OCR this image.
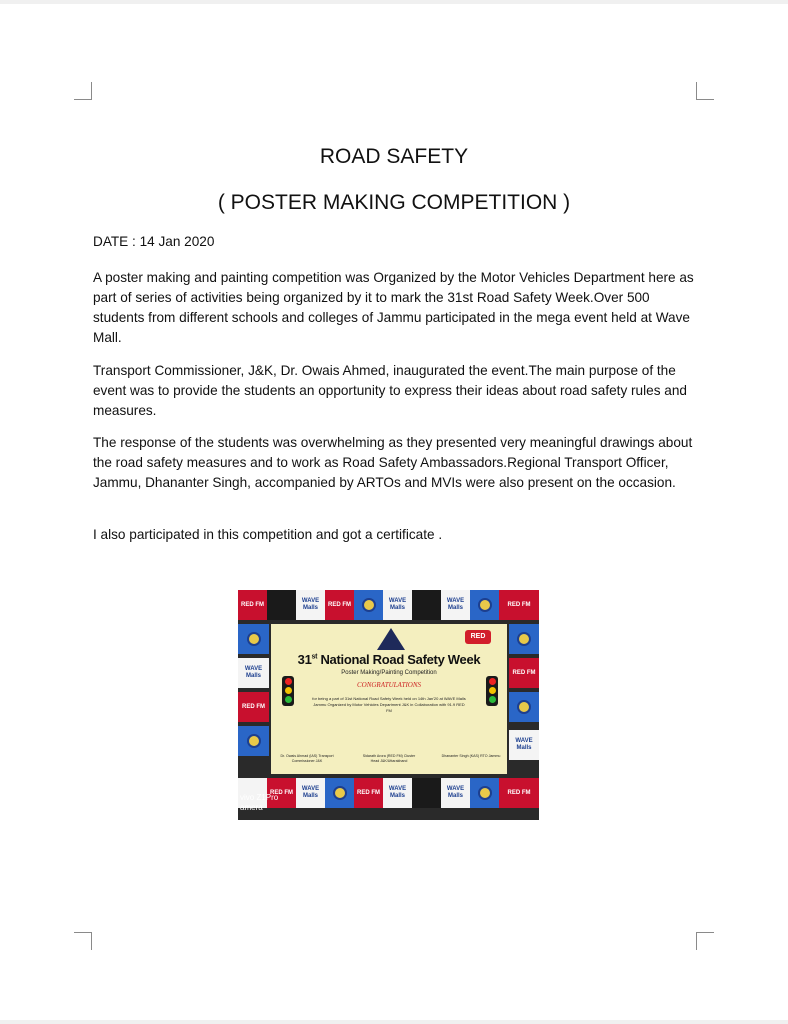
ROAD SAFETY
( POSTER MAKING COMPETITION )
DATE : 14 Jan 2020

A poster making and painting competition was Organized by the Motor Vehicles Department here as part of series of activities being organized by it to mark the 31st Road Safety Week.Over 500 students from different schools and colleges of Jammu participated in the mega event held at Wave Mall.

Transport Commissioner, J&K, Dr. Owais Ahmed, inaugurated the event.The main purpose of the event was to provide the students an opportunity to express their ideas about road safety rules and measures.

The response of the students was overwhelming as they presented very meaningful drawings about the road safety measures and to work as Road Safety Ambassadors.Regional Transport Officer, Jammu, Dhananter Singh, accompanied by ARTOs and MVIs were also present on the occasion.

I also participated in this competition and got a certificate .

RED FM
WAVE Malls
RED FM
WAVE Malls
WAVE Malls
RED FM
WAVE Malls
RED FM
RED FM
WAVE Malls
RED FM
WAVE Malls
RED FM
WAVE Malls
WAVE Malls
RED FM
RED
31st National Road Safety Week
Poster Making/Painting Competition
CONGRATULATIONS
for being a part of 31st National Road Safety Week held on 14th Jan'20 at WAVE Malls Jammu Organized by Motor Vehicles Department J&K in Collaboration with 91.9 RED FM
Dr. Owais Ahmad (IAS) Transport Commissioner J&K
Sidarath Arora (RED FM) Cluster Head J&K/Uttarakhand
Dhananter Singh (KAS) RTO Jammu
vivo Z1Pro
amera
